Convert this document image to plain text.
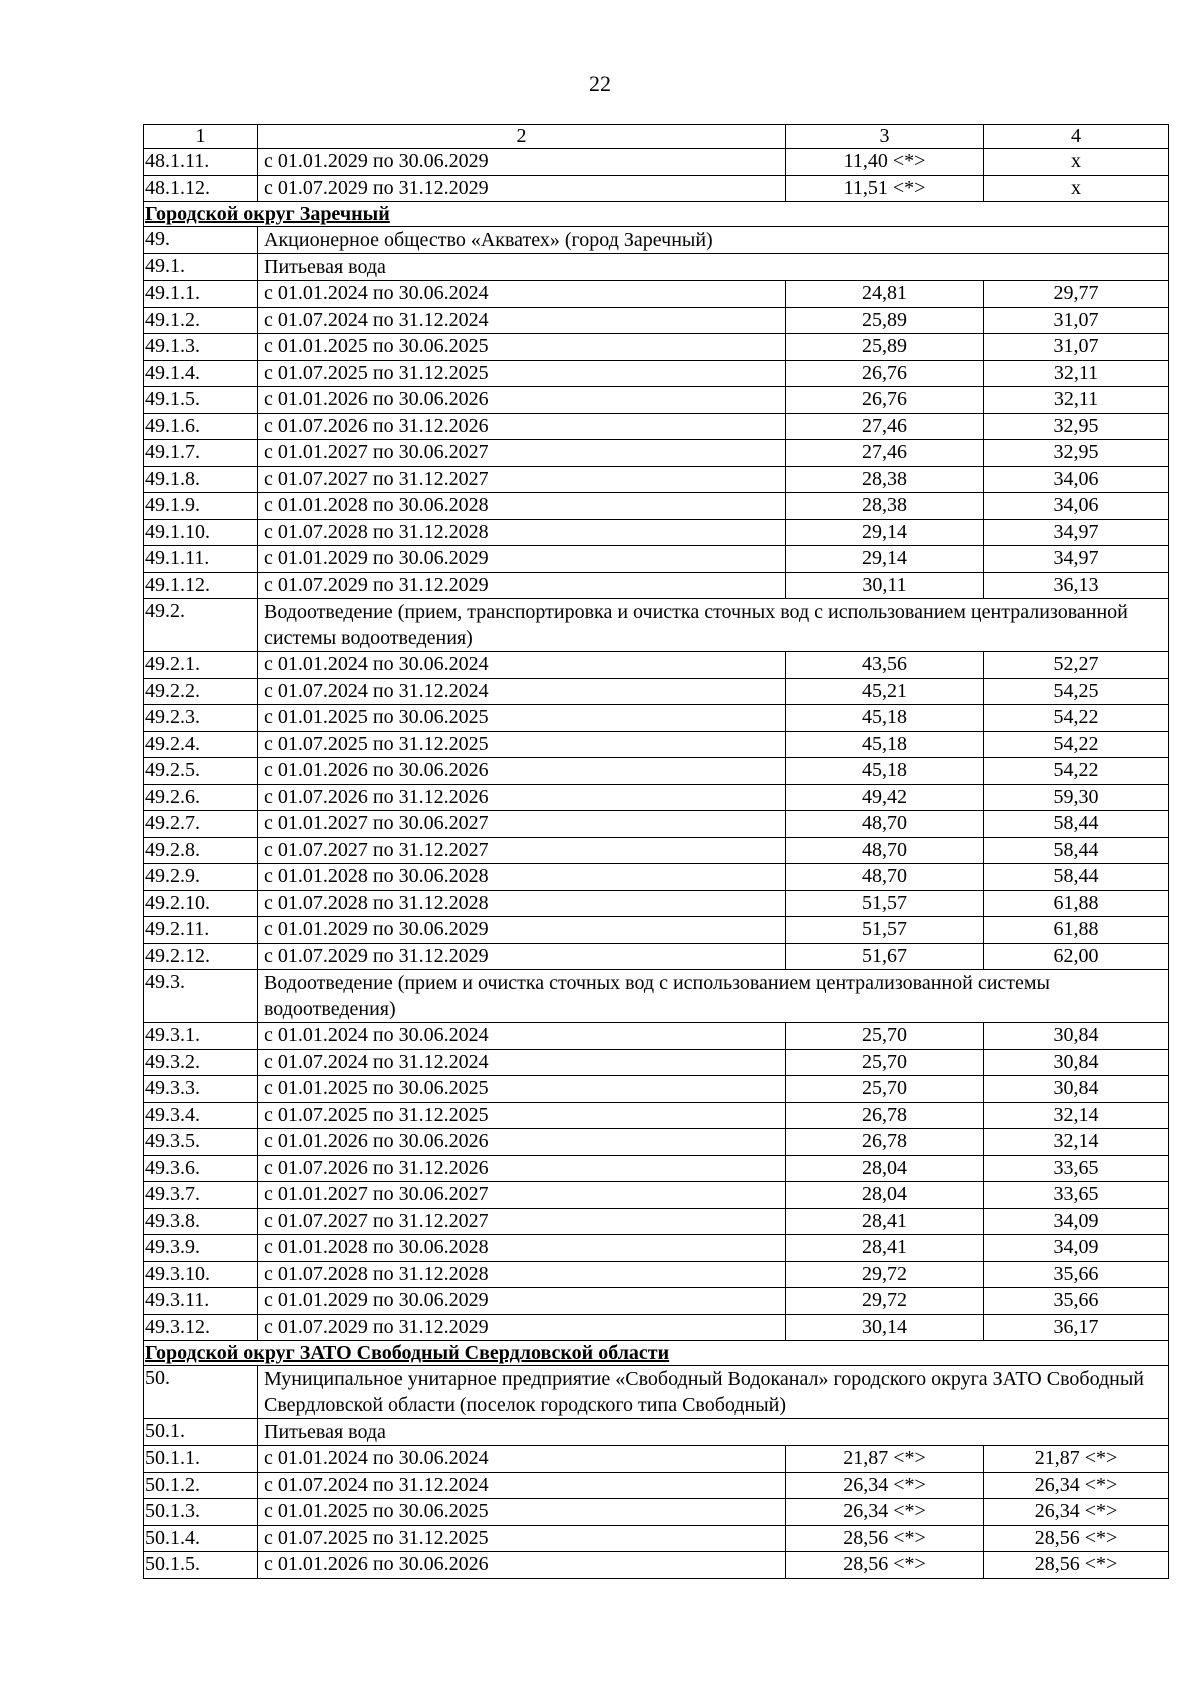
22
1	2	3	4
48.1.11.	с 01.01.2029 по 30.06.2029	11,40 <*>	х
48.1.12.	с 01.07.2029 по 31.12.2029	11,51 <*>	х
Городской округ Заречный			
49.	Акционерное общество «Акватех» (город Заречный)		
49.1.	Питьевая вода		
49.1.1.	с 01.01.2024 по 30.06.2024	24,81	29,77
49.1.2.	с 01.07.2024 по 31.12.2024	25,89	31,07
49.1.3.	с 01.01.2025 по 30.06.2025	25,89	31,07
49.1.4.	с 01.07.2025 по 31.12.2025	26,76	32,11
49.1.5.	с 01.01.2026 по 30.06.2026	26,76	32,11
49.1.6.	с 01.07.2026 по 31.12.2026	27,46	32,95
49.1.7.	с 01.01.2027 по 30.06.2027	27,46	32,95
49.1.8.	с 01.07.2027 по 31.12.2027	28,38	34,06
49.1.9.	с 01.01.2028 по 30.06.2028	28,38	34,06
49.1.10.	с 01.07.2028 по 31.12.2028	29,14	34,97
49.1.11.	с 01.01.2029 по 30.06.2029	29,14	34,97
49.1.12.	с 01.07.2029 по 31.12.2029	30,11	36,13
49.2.	Водоотведение (прием, транспортировка и очистка сточных вод с использованием централизованной системы водоотведения)		
49.2.1.	с 01.01.2024 по 30.06.2024	43,56	52,27
49.2.2.	с 01.07.2024 по 31.12.2024	45,21	54,25
49.2.3.	с 01.01.2025 по 30.06.2025	45,18	54,22
49.2.4.	с 01.07.2025 по 31.12.2025	45,18	54,22
49.2.5.	с 01.01.2026 по 30.06.2026	45,18	54,22
49.2.6.	с 01.07.2026 по 31.12.2026	49,42	59,30
49.2.7.	с 01.01.2027 по 30.06.2027	48,70	58,44
49.2.8.	с 01.07.2027 по 31.12.2027	48,70	58,44
49.2.9.	с 01.01.2028 по 30.06.2028	48,70	58,44
49.2.10.	с 01.07.2028 по 31.12.2028	51,57	61,88
49.2.11.	с 01.01.2029 по 30.06.2029	51,57	61,88
49.2.12.	с 01.07.2029 по 31.12.2029	51,67	62,00
49.3.	Водоотведение (прием и очистка сточных вод с использованием централизованной системы водоотведения)		
49.3.1.	с 01.01.2024 по 30.06.2024	25,70	30,84
49.3.2.	с 01.07.2024 по 31.12.2024	25,70	30,84
49.3.3.	с 01.01.2025 по 30.06.2025	25,70	30,84
49.3.4.	с 01.07.2025 по 31.12.2025	26,78	32,14
49.3.5.	с 01.01.2026 по 30.06.2026	26,78	32,14
49.3.6.	с 01.07.2026 по 31.12.2026	28,04	33,65
49.3.7.	с 01.01.2027 по 30.06.2027	28,04	33,65
49.3.8.	с 01.07.2027 по 31.12.2027	28,41	34,09
49.3.9.	с 01.01.2028 по 30.06.2028	28,41	34,09
49.3.10.	с 01.07.2028 по 31.12.2028	29,72	35,66
49.3.11.	с 01.01.2029 по 30.06.2029	29,72	35,66
49.3.12.	с 01.07.2029 по 31.12.2029	30,14	36,17
Городской округ ЗАТО Свободный Свердловской области			
50.	Муниципальное унитарное предприятие «Свободный Водоканал» городского округа ЗАТО Свободный Свердловской области (поселок городского типа Свободный)		
50.1.	Питьевая вода		
50.1.1.	с 01.01.2024 по 30.06.2024	21,87 <*>	21,87 <*>
50.1.2.	с 01.07.2024 по 31.12.2024	26,34 <*>	26,34 <*>
50.1.3.	с 01.01.2025 по 30.06.2025	26,34 <*>	26,34 <*>
50.1.4.	с 01.07.2025 по 31.12.2025	28,56 <*>	28,56 <*>
50.1.5.	с 01.01.2026 по 30.06.2026	28,56 <*>	28,56 <*>
